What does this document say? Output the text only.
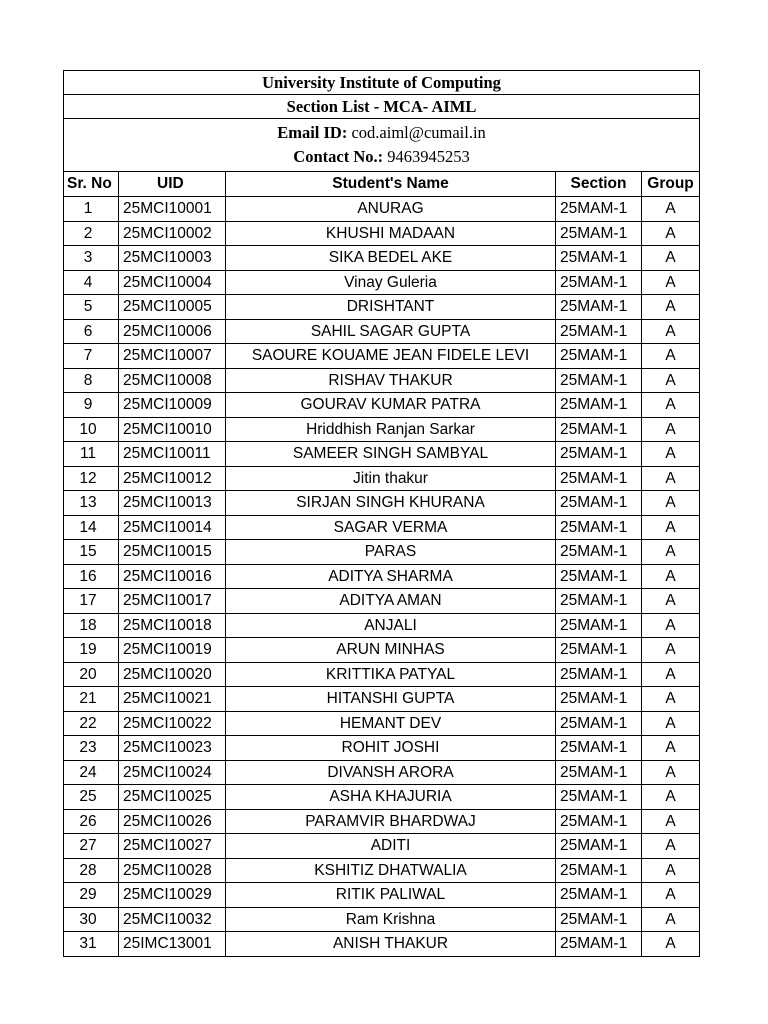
University Institute of Computing				
Section List - MCA- AIML				

Email ID: cod.aiml@cumail.in
Contact No.: 9463945253				

Sr. No	UID	Student's Name	Section	Group
1	25MCI10001	ANURAG	25MAM-1	A
2	25MCI10002	KHUSHI MADAAN	25MAM-1	A
3	25MCI10003	SIKA BEDEL AKE	25MAM-1	A
4	25MCI10004	Vinay Guleria	25MAM-1	A
5	25MCI10005	DRISHTANT	25MAM-1	A
6	25MCI10006	SAHIL SAGAR GUPTA	25MAM-1	A
7	25MCI10007	SAOURE KOUAME JEAN FIDELE LEVI	25MAM-1	A
8	25MCI10008	RISHAV THAKUR	25MAM-1	A
9	25MCI10009	GOURAV KUMAR PATRA	25MAM-1	A
10	25MCI10010	Hriddhish Ranjan Sarkar	25MAM-1	A
11	25MCI10011	SAMEER SINGH SAMBYAL	25MAM-1	A
12	25MCI10012	Jitin thakur	25MAM-1	A
13	25MCI10013	SIRJAN SINGH KHURANA	25MAM-1	A
14	25MCI10014	SAGAR VERMA	25MAM-1	A
15	25MCI10015	PARAS	25MAM-1	A
16	25MCI10016	ADITYA SHARMA	25MAM-1	A
17	25MCI10017	ADITYA AMAN	25MAM-1	A
18	25MCI10018	ANJALI	25MAM-1	A
19	25MCI10019	ARUN MINHAS	25MAM-1	A
20	25MCI10020	KRITTIKA PATYAL	25MAM-1	A
21	25MCI10021	HITANSHI GUPTA	25MAM-1	A
22	25MCI10022	HEMANT DEV	25MAM-1	A
23	25MCI10023	ROHIT JOSHI	25MAM-1	A
24	25MCI10024	DIVANSH ARORA	25MAM-1	A
25	25MCI10025	ASHA KHAJURIA	25MAM-1	A
26	25MCI10026	PARAMVIR BHARDWAJ	25MAM-1	A
27	25MCI10027	ADITI	25MAM-1	A
28	25MCI10028	KSHITIZ DHATWALIA	25MAM-1	A
29	25MCI10029	RITIK PALIWAL	25MAM-1	A
30	25MCI10032	Ram Krishna	25MAM-1	A
31	25IMC13001	ANISH THAKUR	25MAM-1	A
